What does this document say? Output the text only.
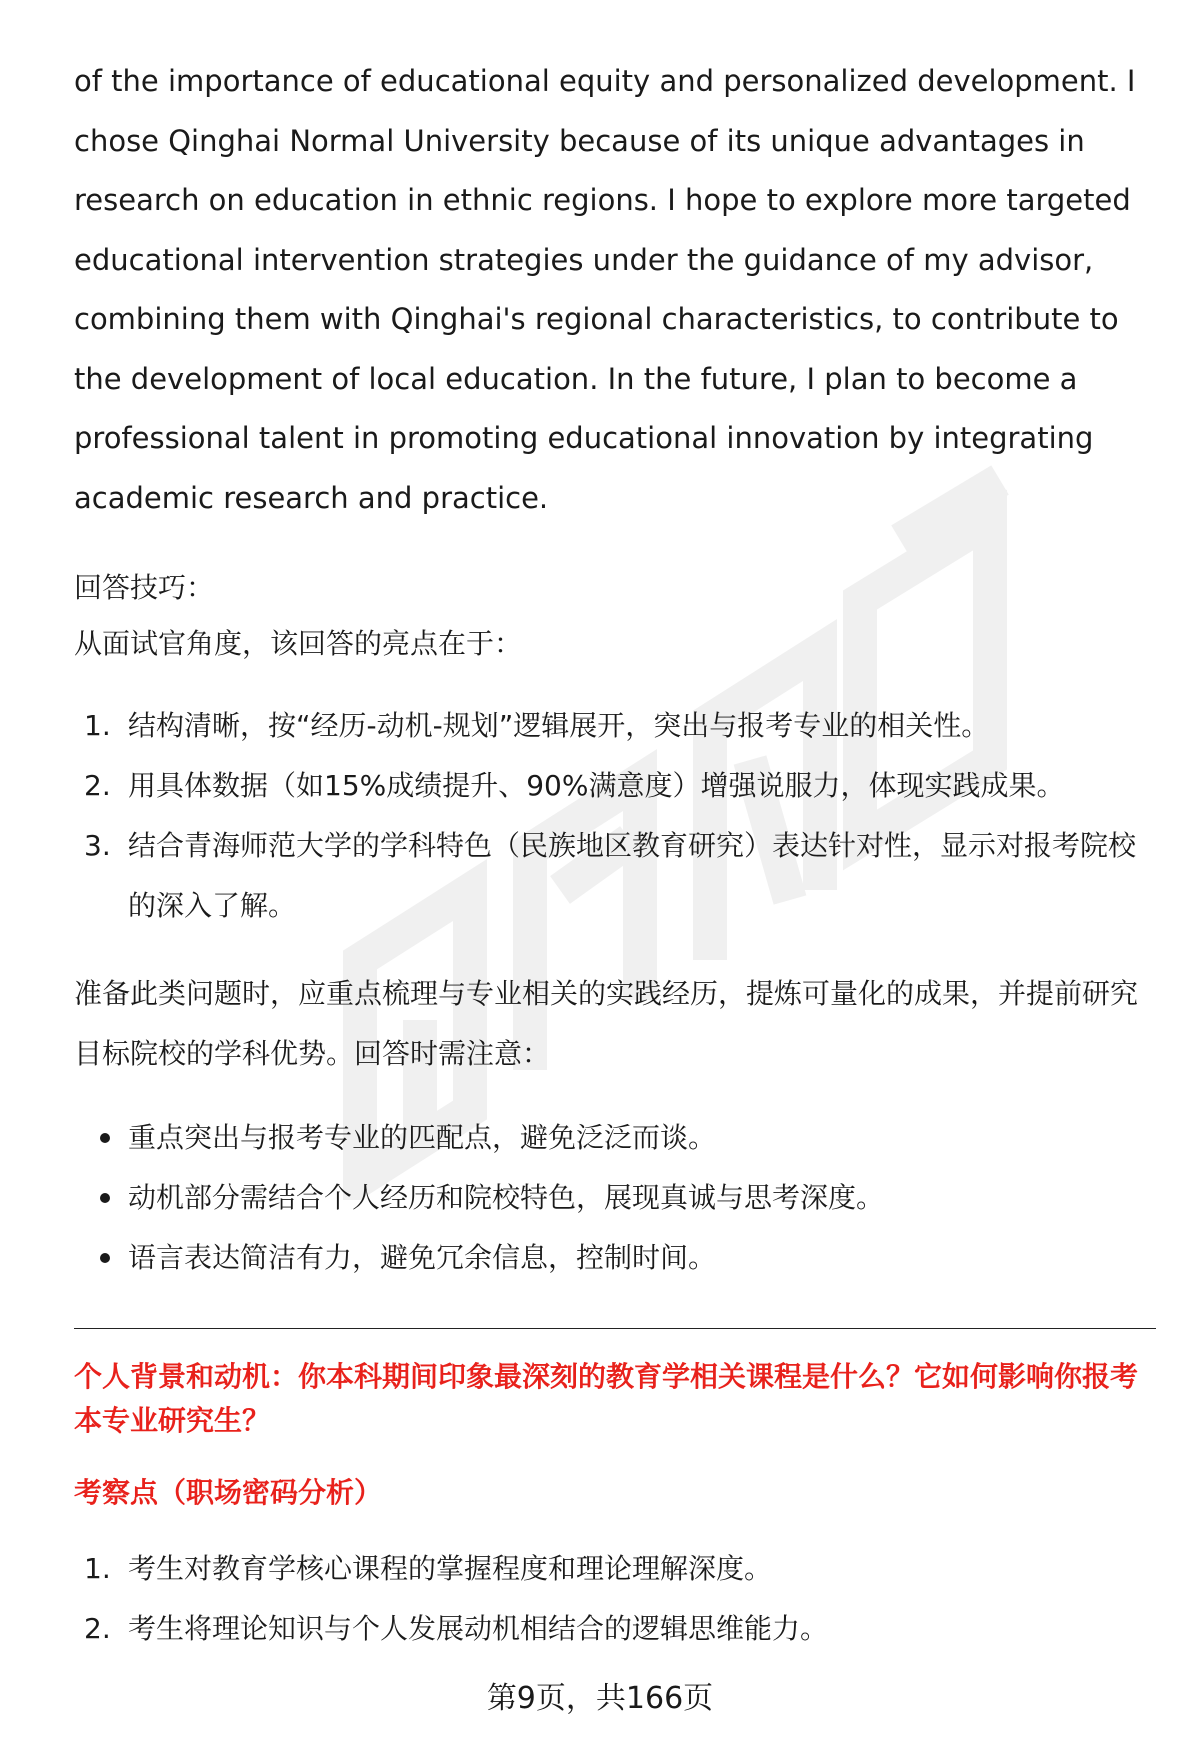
of the importance of educational equity and personalized development. I chose Qinghai Normal University because of its unique advantages in research on education in ethnic regions. I hope to explore more targeted educational intervention strategies under the guidance of my advisor, combining them with Qinghai's regional characteristics, to contribute to the development of local education. In the future, I plan to become a professional talent in promoting educational innovation by integrating academic research and practice.

回答技巧：
从面试官角度，该回答的亮点在于：
1. 结构清晰，按“经历-动机-规划”逻辑展开，突出与报考专业的相关性。
2. 用具体数据（如15%成绩提升、90%满意度）增强说服力，体现实践成果。
3. 结合青海师范大学的学科特色（民族地区教育研究）表达针对性，显示对报考院校的深入了解。
准备此类问题时，应重点梳理与专业相关的实践经历，提炼可量化的成果，并提前研究目标院校的学科优势。回答时需注意：
重点突出与报考专业的匹配点，避免泛泛而谈。
动机部分需结合个人经历和院校特色，展现真诚与思考深度。
语言表达简洁有力，避免冗余信息，控制时间。
个人背景和动机：你本科期间印象最深刻的教育学相关课程是什么？它如何影响你报考本专业研究生？
考察点（职场密码分析）
1. 考生对教育学核心课程的掌握程度和理论理解深度。
2. 考生将理论知识与个人发展动机相结合的逻辑思维能力。
第9页，共166页
